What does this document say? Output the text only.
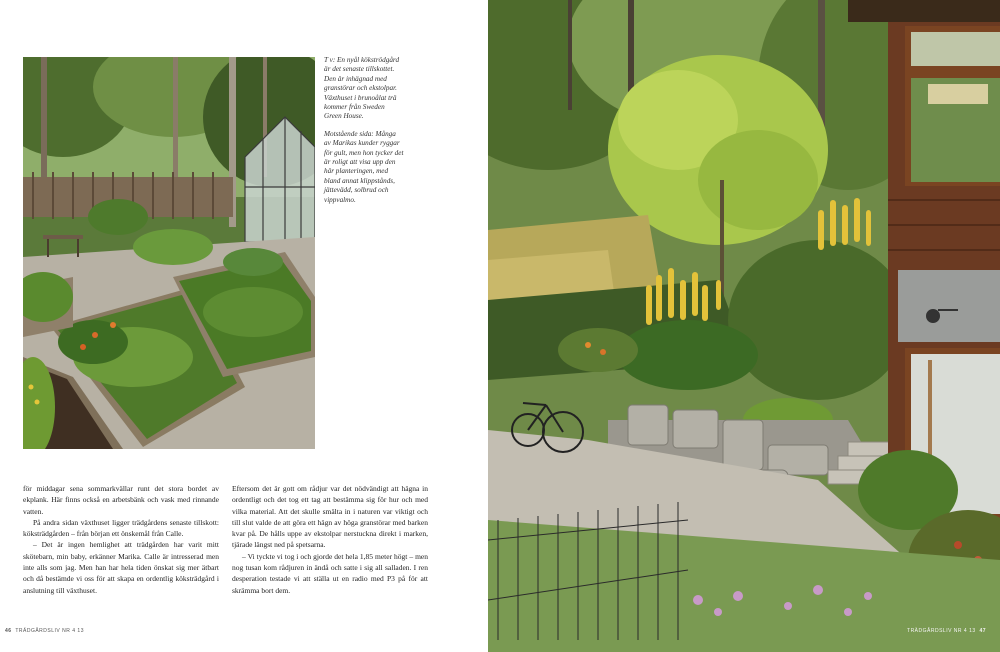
T v: En nyål kökströdgård är det senaste tillskottet. Den är inhägnad med granstörar och ekstolpar. Växthuset i brunoålat trä kommer från Sweden Green House.

Motstående sida: Många av Marikas kunder ryggar för gult, men hon tycker det är roligt att visa upp den här planteringen, med bland annat klippstånds, jättevädd, solbrud och vippvalmo.

för middagar sena sommarkvällar runt det stora bordet av ekplank. Här finns också en arbetsbänk och vask med rinnande vatten.

På andra sidan växthuset ligger trädgårdens senaste tillskott: köksträdgården – från början ett önskemål från Calle.

– Det är ingen hemlighet att trädgården har varit mitt skötebarn, min baby, erkänner Marika. Calle är intresserad men inte alls som jag. Men han har hela tiden önskat sig mer ätbart och då bestämde vi oss för att skapa en ordentlig köksträdgård i anslutning till växthuset.

Eftersom det är gott om rådjur var det nödvändigt att hägna in ordentligt och det tog ett tag att bestämma sig för hur och med vilka material. Att det skulle smälta in i naturen var viktigt och till slut valde de att göra ett hägn av höga granstörar med barken kvar på. De hålls uppe av ekstolpar nerstuckna direkt i marken, tjärade längst ned på spetsarna.

– Vi tyckte vi tog i och gjorde det hela 1,85 meter högt – men nog tusan kom rådjuren in ändå och satte i sig all salladen. I ren desperation testade vi att ställa ut en radio med P3 på för att skrämma bort dem.

46 TRÄDGÅRDSLIV NR 4 13	TRÄDGÅRDSLIV NR 4 13 47
